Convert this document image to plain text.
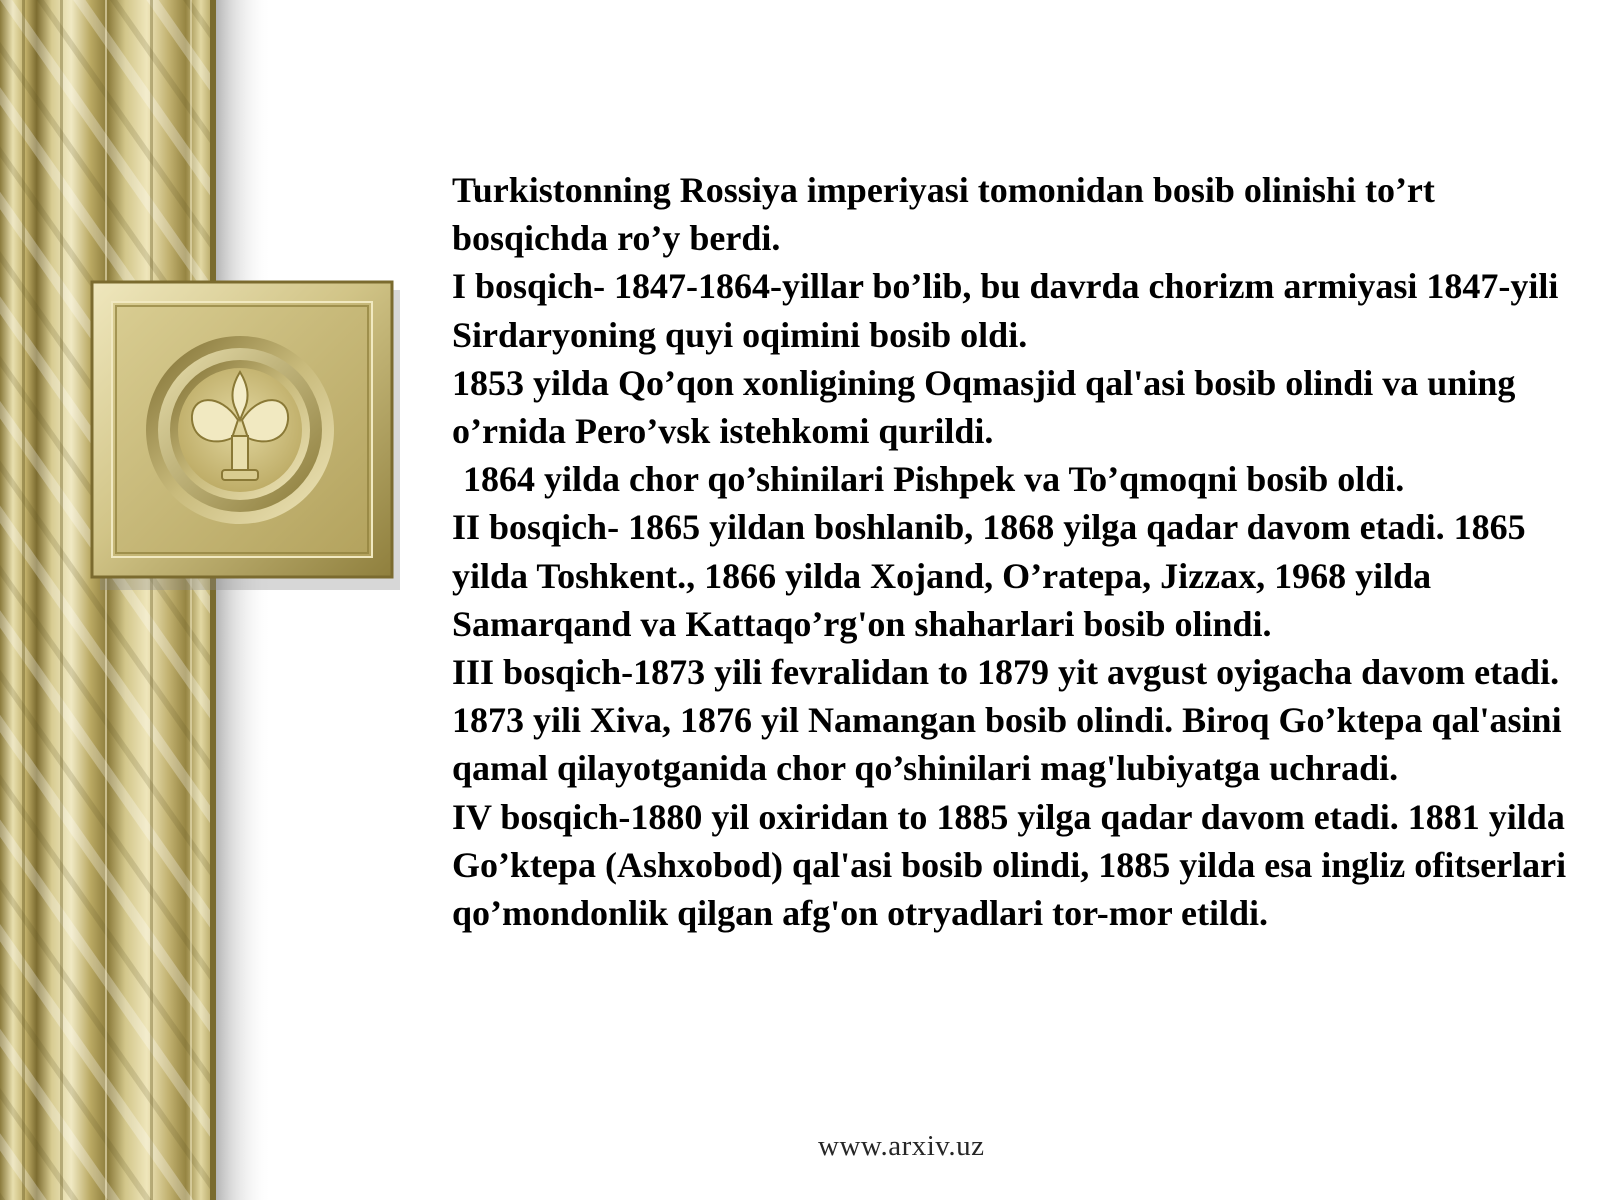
Turkistonning Rossiya imperiyasi tomonidan bosib olinishi to’rt bosqichda ro’y berdi.

I bosqich- 1847-1864-yillar bo’lib, bu davrda chorizm armiyasi 1847-yili Sirdaryoning quyi oqimini bosib oldi.

1853 yilda Qo’qon xonligining Oqmasjid qal'asi bosib olindi va uning o’rnida Pero’vsk istehkomi qurildi.

1864 yilda chor qo’shinilari Pishpek va To’qmoqni bosib oldi.

II bosqich- 1865 yildan boshlanib, 1868 yilga qadar davom etadi. 1865 yilda Toshkent., 1866 yilda Xojand, O’ratepa, Jizzax, 1968 yilda Samarqand va Kattaqo’rg'on shaharlari bosib olindi.

III bosqich-1873 yili fevralidan to 1879 yit avgust oyigacha davom etadi. 1873 yili Xiva, 1876 yil Namangan bosib olindi. Biroq Go’ktepa qal'asini qamal qilayotganida chor qo’shinilari mag'lubiyatga uchradi.

IV bosqich-1880 yil oxiridan to 1885 yilga qadar davom etadi. 1881 yilda Go’ktepa (Ashxobod) qal'asi bosib olindi, 1885 yilda esa ingliz ofitserlari qo’mondonlik qilgan afg'on otryadlari tor-mor etildi.

www.arxiv.uz
